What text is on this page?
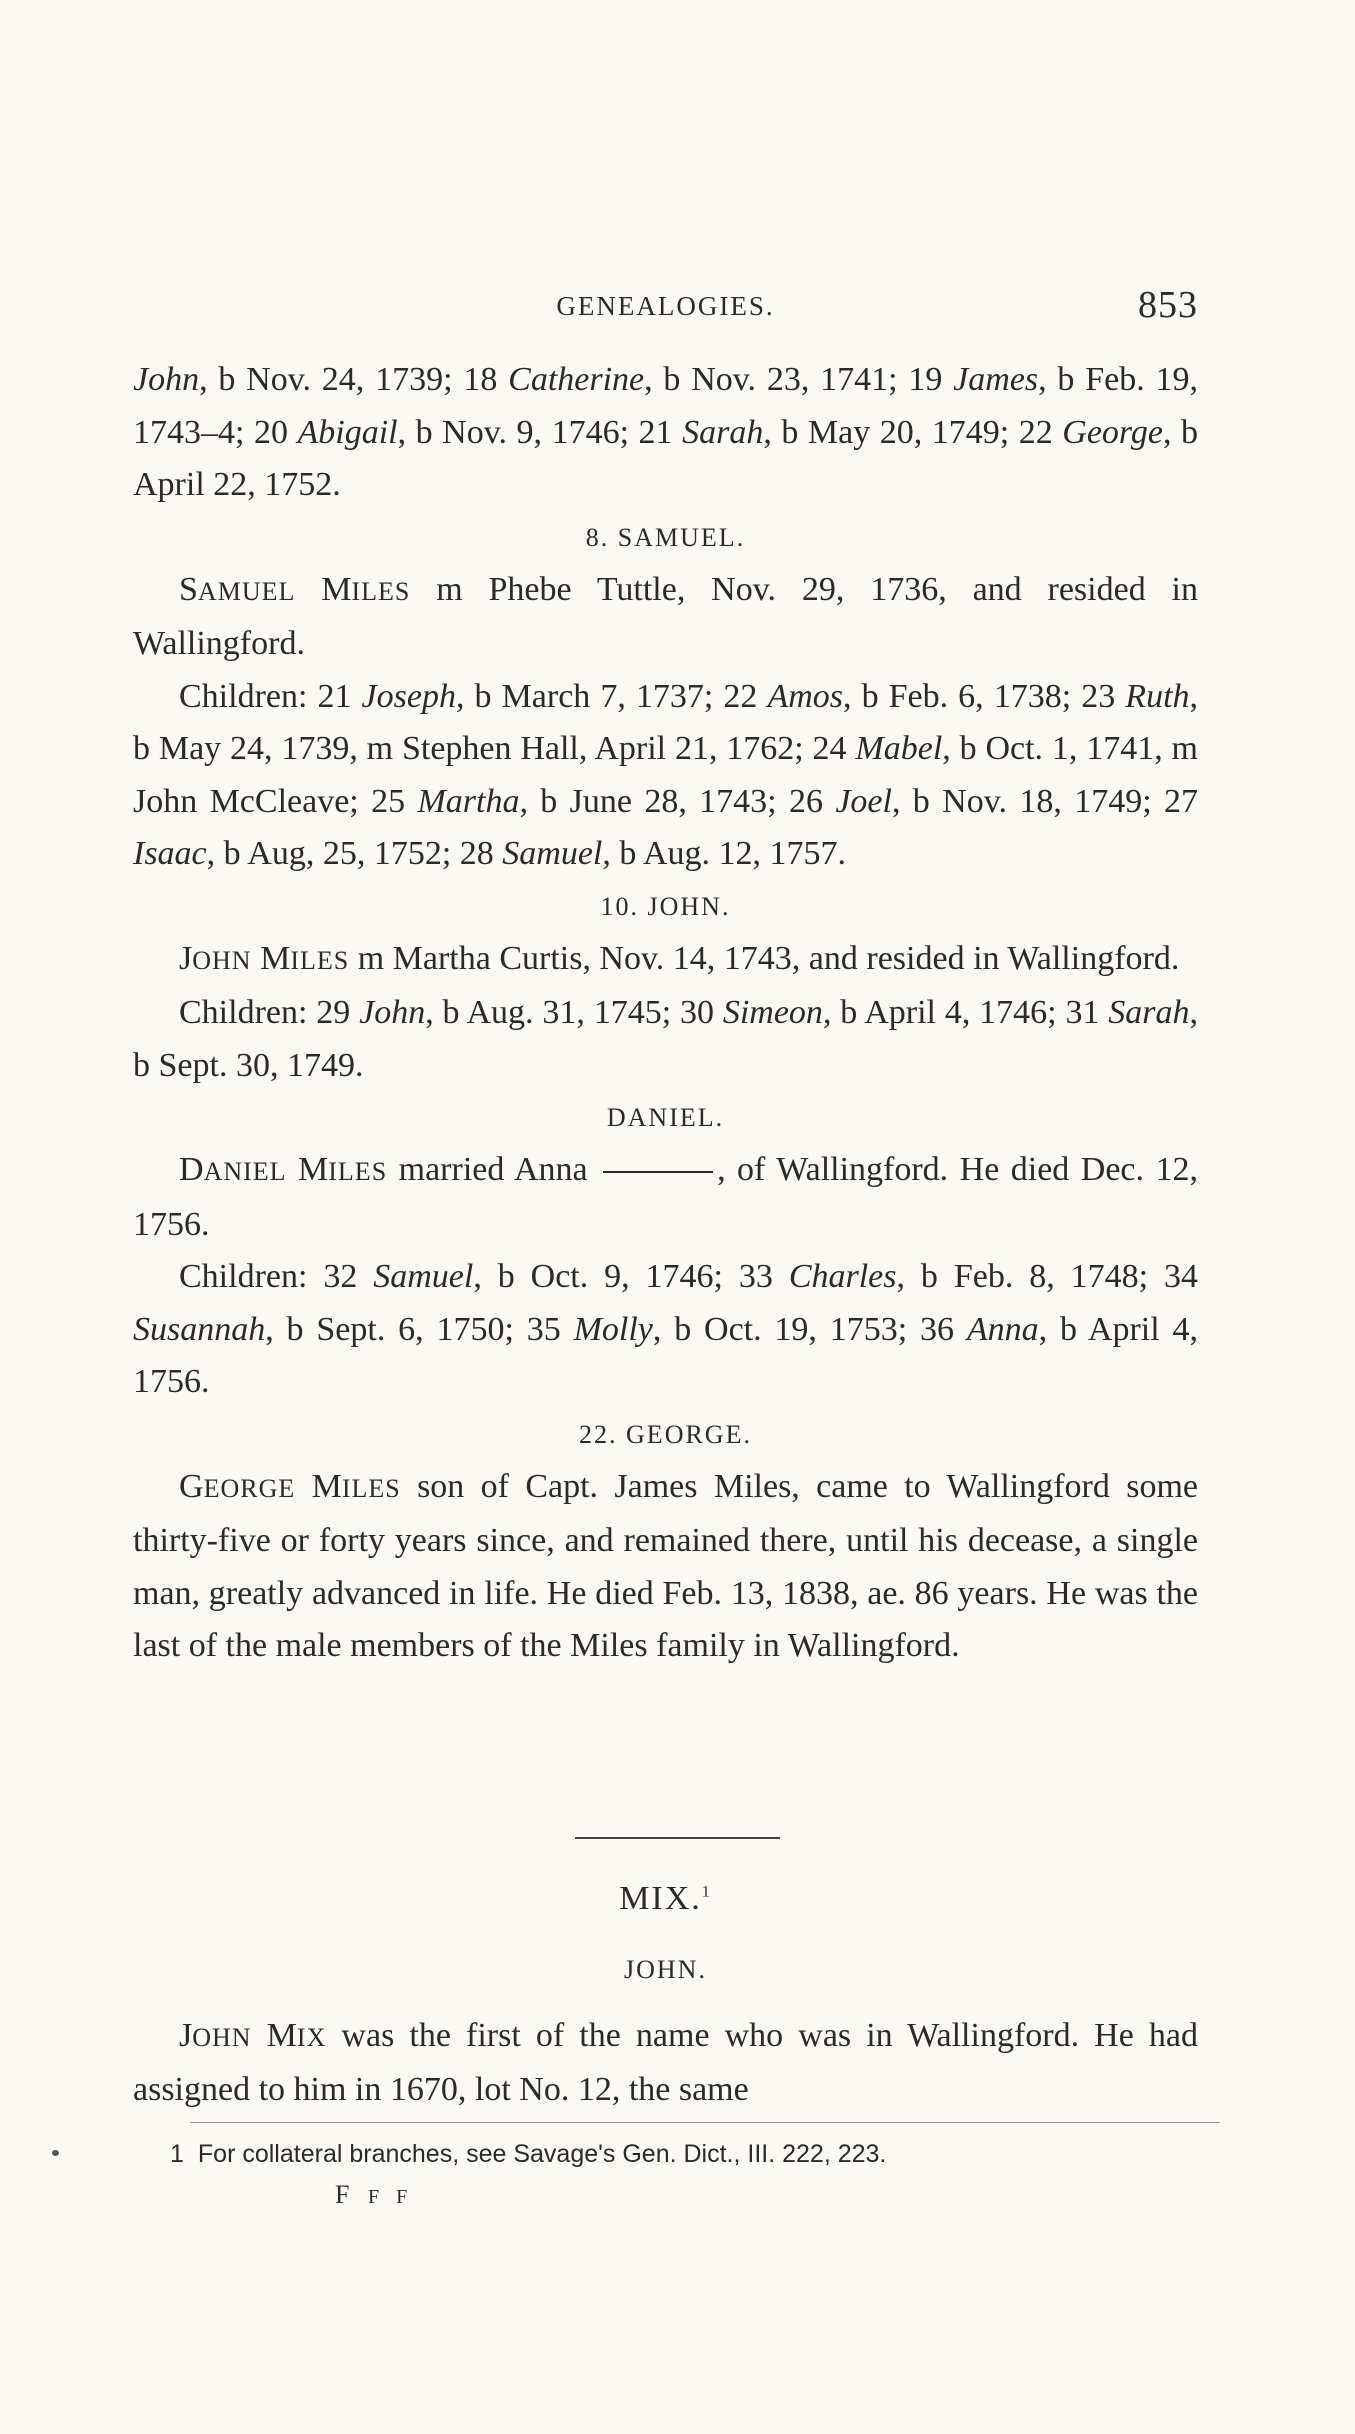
GENEALOGIES.	853

John, b Nov. 24, 1739; 18 Catherine, b Nov. 23, 1741; 19 James, b Feb. 19, 1743–4; 20 Abigail, b Nov. 9, 1746; 21 Sarah, b May 20, 1749; 22 George, b April 22, 1752.

8. SAMUEL.

SAMUEL MILES m Phebe Tuttle, Nov. 29, 1736, and resided in Wallingford.

Children: 21 Joseph, b March 7, 1737; 22 Amos, b Feb. 6, 1738; 23 Ruth, b May 24, 1739, m Stephen Hall, April 21, 1762; 24 Mabel, b Oct. 1, 1741, m John McCleave; 25 Martha, b June 28, 1743; 26 Joel, b Nov. 18, 1749; 27 Isaac, b Aug, 25, 1752; 28 Samuel, b Aug. 12, 1757.

10. JOHN.

JOHN MILES m Martha Curtis, Nov. 14, 1743, and resided in Wallingford.

Children: 29 John, b Aug. 31, 1745; 30 Simeon, b April 4, 1746; 31 Sarah, b Sept. 30, 1749.

DANIEL.

DANIEL MILES married Anna	, of Wallingford. He died Dec. 12, 1756.

Children: 32 Samuel, b Oct. 9, 1746; 33 Charles, b Feb. 8, 1748; 34 Susannah, b Sept. 6, 1750; 35 Molly, b Oct. 19, 1753; 36 Anna, b April 4, 1756.

22. GEORGE.

GEORGE MILES son of Capt. James Miles, came to Wallingford some thirty-five or forty years since, and remained there, until his decease, a single man, greatly advanced in life. He died Feb. 13, 1838, ae. 86 years. He was the last of the male members of the Miles family in Wallingford.

MIX.$^1$
JOHN.

JOHN MIX was the first of the name who was in Wallingford. He had assigned to him in 1670, lot No. 12, the same

1 For collateral branches, see Savage's Gen. Dict., III. 222, 223.
F F F
